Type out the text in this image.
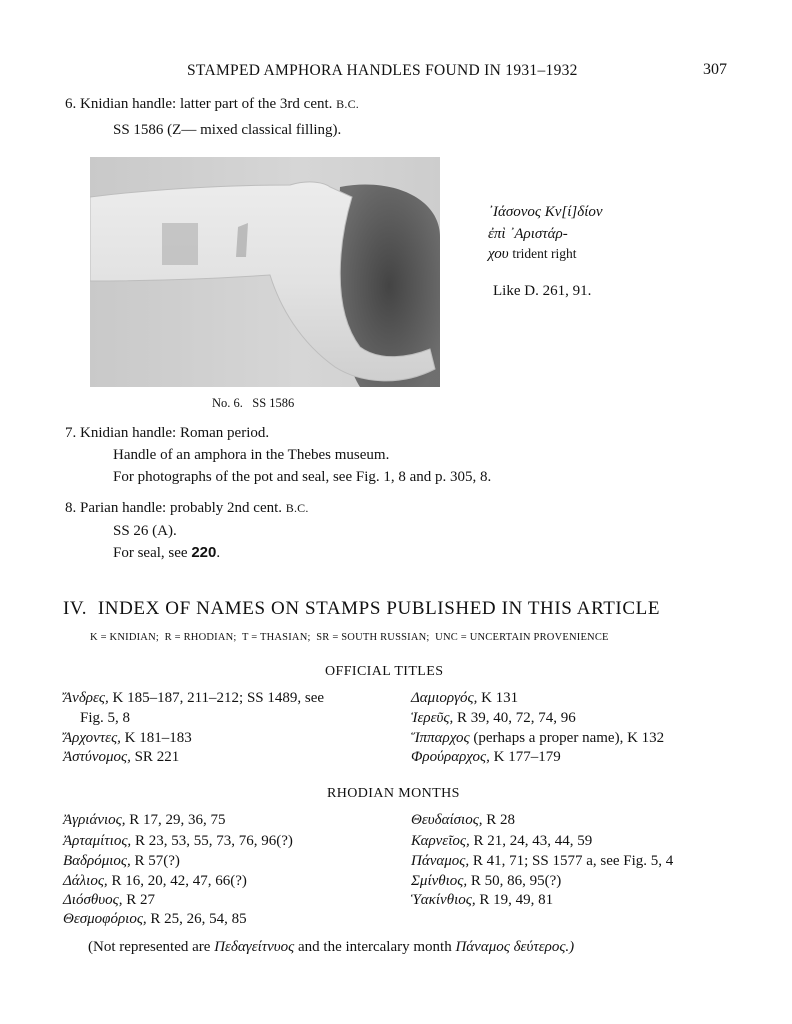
STAMPED AMPHORA HANDLES FOUND IN 1931–1932	307
6. Knidian handle: latter part of the 3rd cent. B.C.
SS 1586 (Z— mixed classical filling).
No. 6.   SS 1586
᾿Ιάσονος Κν[ί]δίον
ἐπὶ ᾿Αριστάρ-
χου trident right
Like D. 261, 91.
7. Knidian handle: Roman period.
Handle of an amphora in the Thebes museum.
For photographs of the pot and seal, see Fig. 1, 8 and p. 305, 8.
8. Parian handle: probably 2nd cent. B.C.
SS 26 (A).
For seal, see 220.
IV.  INDEX OF NAMES ON STAMPS PUBLISHED IN THIS ARTICLE
K = KNIDIAN;  R = RHODIAN;  T = THASIAN;  SR = SOUTH RUSSIAN;  UNC = UNCERTAIN PROVENIENCE
OFFICIAL TITLES
Ἄνδρες, K 185–187, 211–212; SS 1489, see
Fig. 5, 8
Ἄρχοντες, K 181–183
Ἀστύνομος, SR 221
Δαμιοργός, K 131
Ἱερεῦς, R 39, 40, 72, 74, 96
Ἵππαρχος (perhaps a proper name), K 132
Φρούραρχος, K 177–179
RHODIAN MONTHS
Ἀγριάνιος, R 17, 29, 36, 75
Ἀρταμίτιος, R 23, 53, 55, 73, 76, 96(?)
Βαδρόμιος, R 57(?)
Δάλιος, R 16, 20, 42, 47, 66(?)
Διόσθυος, R 27
Θεσμοφόριος, R 25, 26, 54, 85
Θευδαίσιος, R 28
Καρνεῖος, R 21, 24, 43, 44, 59
Πάναμος, R 41, 71; SS 1577 a, see Fig. 5, 4
Σμίνθιος, R 50, 86, 95(?)
Ὑακίνθιος, R 19, 49, 81
(Not represented are Πεδαγείτνυος and the intercalary month Πάναμος δεύτερος.)
